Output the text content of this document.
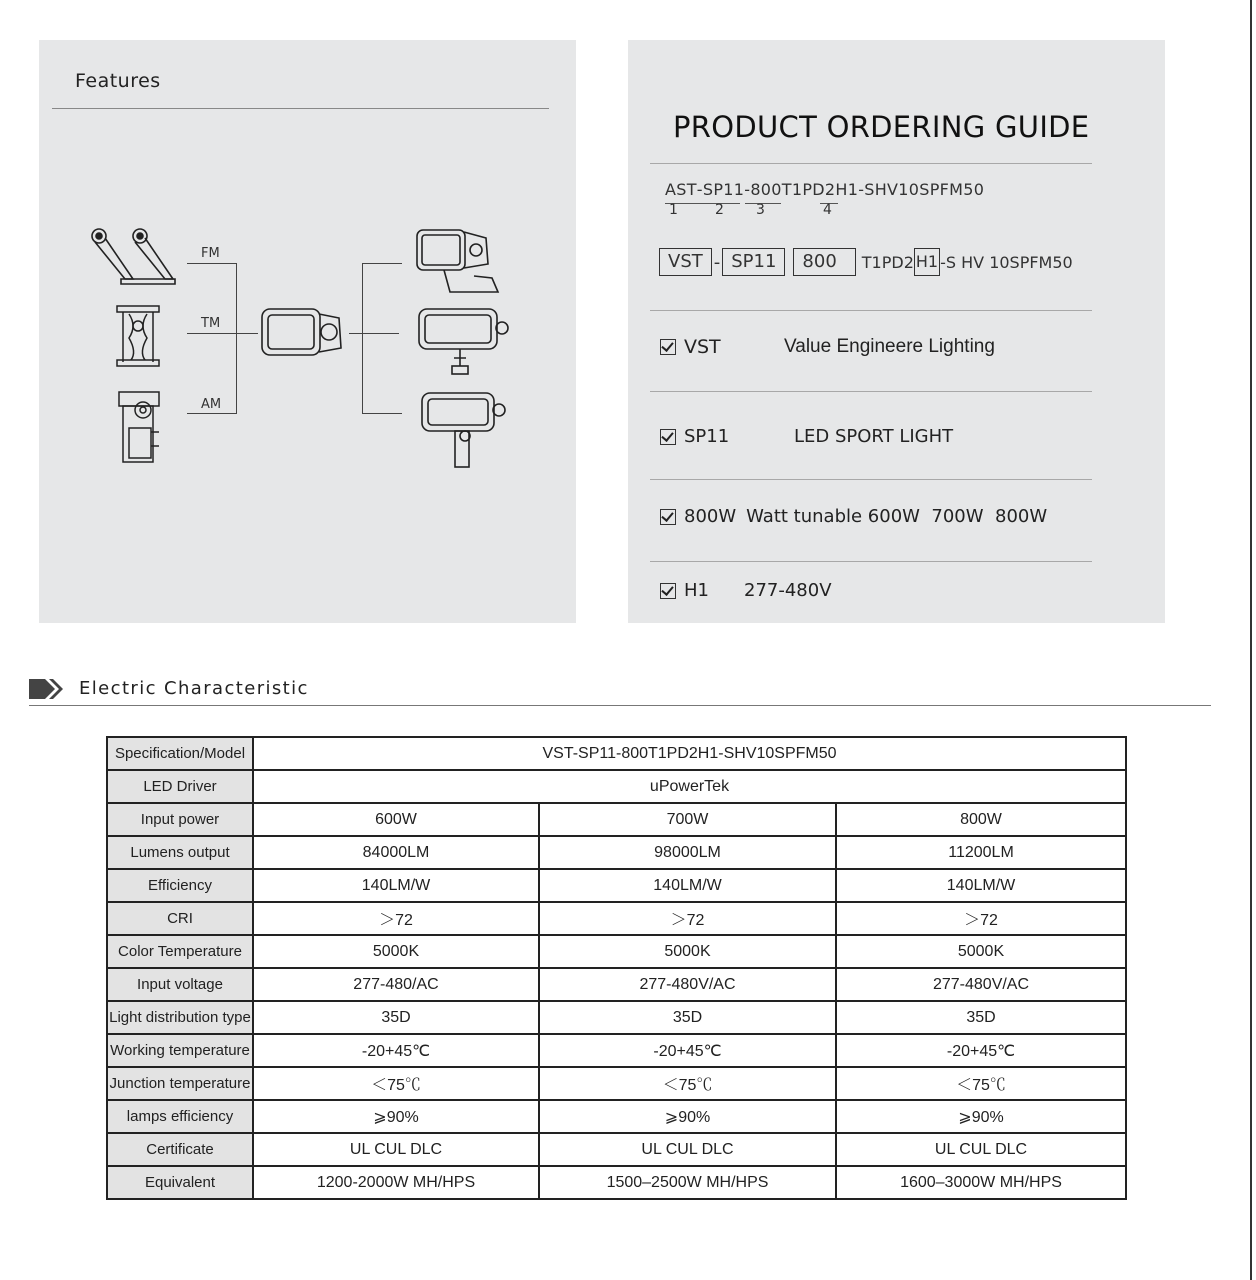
Features
FM
TM
AM
PRODUCT ORDERING GUIDE
AST-SP11-800T1PD2H1-SHV10SPFM50
1	2 3	4
VST - SP11	800	T1PD2 H1 -S HV 10SPFM50
VST	Value Engineere Lighting
SP11	LED SPORT LIGHT
800W Watt tunable 600W  700W  800W
H1	277-480V
Electric Characteristic
Specification/Model	VST-SP11-800T1PD2H1-SHV10SPFM50		
LED Driver	uPowerTek		
Input power	600W	700W	800W
Lumens output	84000LM	98000LM	11200LM
Efficiency	140LM/W	140LM/W	140LM/W
CRI	＞72	＞72	＞72
Color Temperature	5000K	5000K	5000K
Input voltage	277-480/AC	277-480V/AC	277-480V/AC
Light distribution type	35D	35D	35D
Working temperature	-20+45℃	-20+45℃	-20+45℃
Junction temperature	＜75℃	＜75℃	＜75℃
lamps efficiency	⩾90%	⩾90%	⩾90%
Certificate	UL CUL DLC	UL CUL DLC	UL CUL DLC
Equivalent	1200-2000W MH/HPS	1500–2500W MH/HPS	1600–3000W MH/HPS
